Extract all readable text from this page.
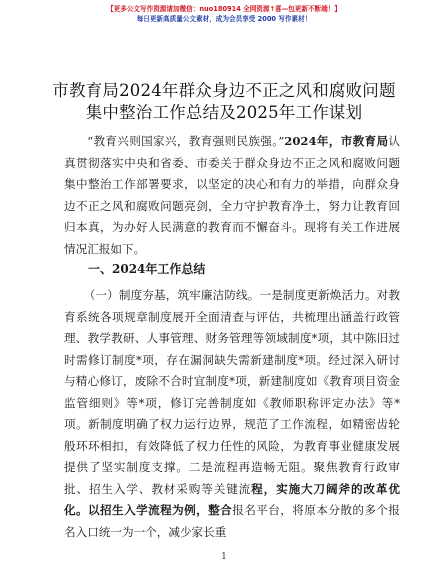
【更多公文写作资源请加微信：nuo180914 全网资源↑喜—包更新不断端！】
每日更新高质量公文素材，成为会员享受 2000 写作素材！
市教育局2024年群众身边不正之风和腐败问题
集中整治工作总结及2025年工作谋划
“教育兴则国家兴，教育强则民族强。”2024年，市教育局认真贯彻落实中央和省委、市委关于群众身边不正之风和腐败问题集中整治工作部署要求，以坚定的决心和有力的举措，向群众身边不正之风和腐败问题亮剑，全力守护教育净土，努力让教育回归本真，为办好人民满意的教育而不懈奋斗。现将有关工作进展情况汇报如下。
一、2024年工作总结
（一）制度夯基，筑牢廉洁防线。一是制度更新焕活力。对教育系统各项规章制度展开全面清查与评估，共梳理出涵盖行政管理、教学教研、人事管理、财务管理等领域制度*项，其中陈旧过时需修订制度*项，存在漏洞缺失需新建制度*项。经过深入研讨与精心修订，废除不合时宜制度*项，新建制度如《教育项目资金监管细则》等*项，修订完善制度如《教师职称评定办法》等*项。新制度明确了权力运行边界，规范了工作流程，如精密齿轮般环环相扣，有效降低了权力任性的风险，为教育事业健康发展提供了坚实制度支撑。二是流程再造畅无阻。聚焦教育行政审批、招生入学、教材采购等关键流程，实施大刀阔斧的改革优化。以招生入学流程为例，整合报名平台，将原本分散的多个报名入口统一为一个，减少家长重
1
